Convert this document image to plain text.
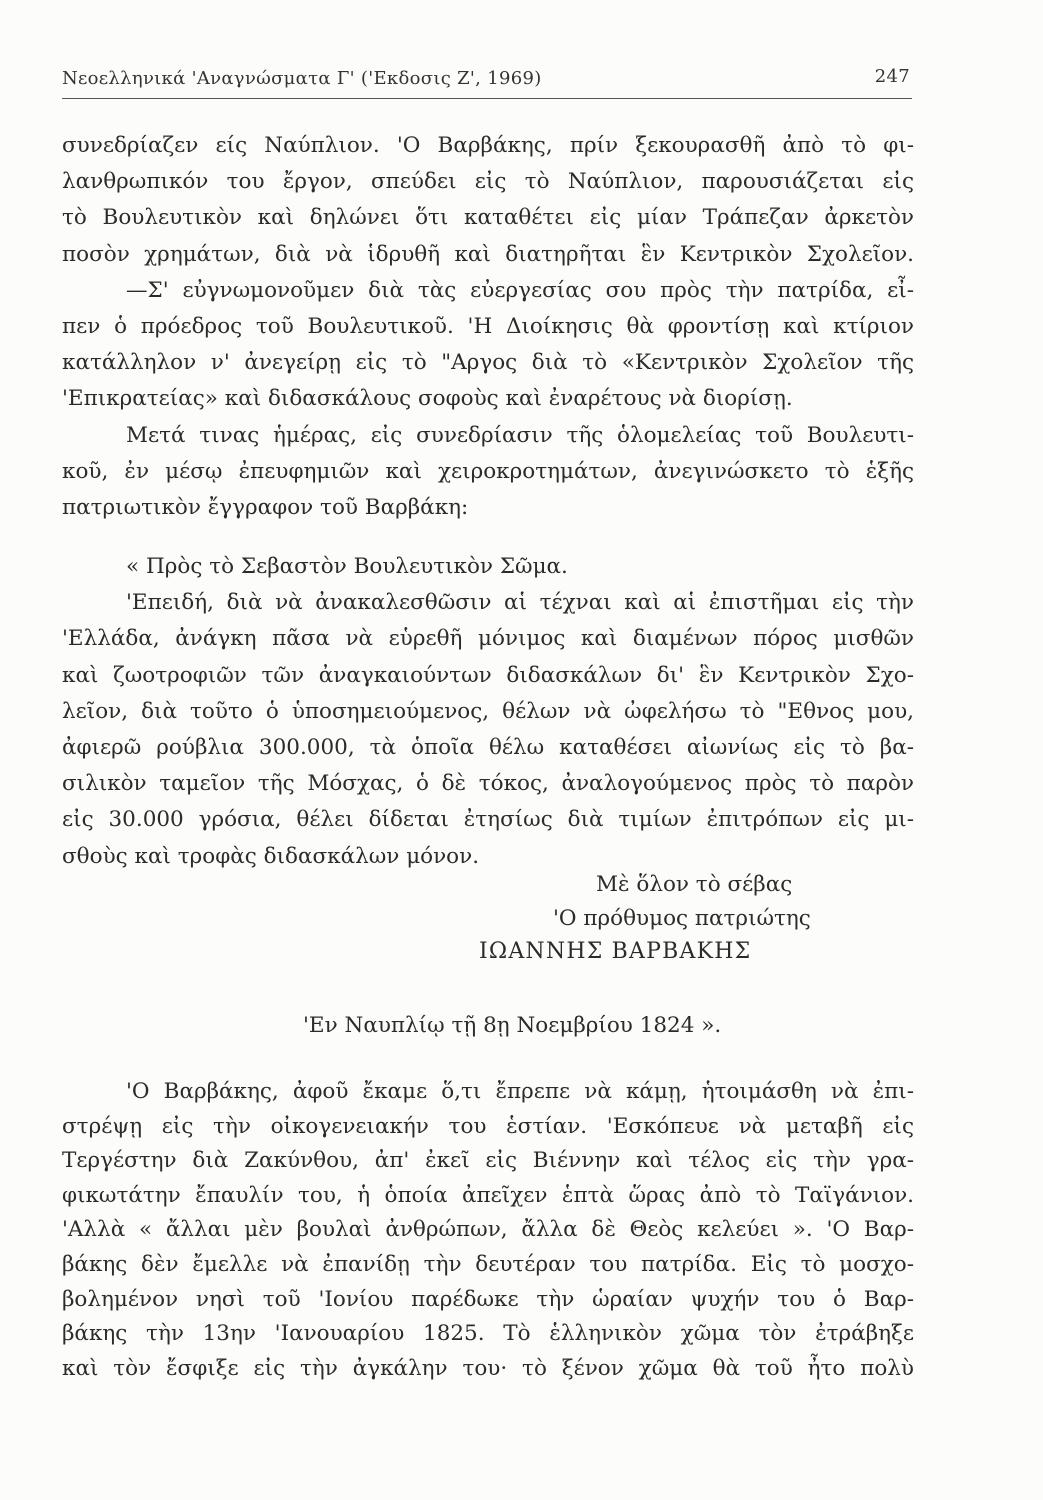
Νεοελληνικά 'Αναγνώσματα Γ' ('Εκδοσις Ζ', 1969)	247
συνεδρίαζεν είς Ναύπλιον. 'Ο Βαρβάκης, πρίν ξεκουρασθῆ ἀπὸ τὸ φι-
λανθρωπικόν του ἔργον, σπεύδει εἰς τὸ Ναύπλιον, παρουσιάζεται εἰς
τὸ Βουλευτικὸν καὶ δηλώνει ὅτι καταθέτει εἰς μίαν Τράπεζαν ἀρκετὸν
ποσὸν χρημάτων, διὰ νὰ ἱδρυθῆ καὶ διατηρῆται ἓν Κεντρικὸν Σχολεῖον.
—Σ' εὐγνωμονοῦμεν διὰ τὰς εὐεργεσίας σου πρὸς τὴν πατρίδα, εἶ-
πεν ὁ πρόεδρος τοῦ Βουλευτικοῦ. 'Η Διοίκησις θὰ φροντίσῃ καὶ κτίριον
κατάλληλον ν' ἀνεγείρῃ εἰς τὸ "Αργος διὰ τὸ «Κεντρικὸν Σχολεῖον τῆς
'Επικρατείας» καὶ διδασκάλους σοφοὺς καὶ ἐναρέτους νὰ διορίσῃ.
Μετά τινας ἡμέρας, εἰς συνεδρίασιν τῆς ὁλομελείας τοῦ Βουλευτι-
κοῦ, ἐν μέσῳ ἐπευφημιῶν καὶ χειροκροτημάτων, ἀνεγινώσκετο τὸ ἑξῆς
πατριωτικὸν ἔγγραφον τοῦ Βαρβάκη:
« Πρὸς τὸ Σεβαστὸν Βουλευτικὸν Σῶμα.
'Επειδή, διὰ νὰ ἀνακαλεσθῶσιν αἱ τέχναι καὶ αἱ ἐπιστῆμαι εἰς τὴν
'Ελλάδα, ἀνάγκη πᾶσα νὰ εὑρεθῆ μόνιμος καὶ διαμένων πόρος μισθῶν
καὶ ζωοτροφιῶν τῶν ἀναγκαιούντων διδασκάλων δι' ἓν Κεντρικὸν Σχο-
λεῖον, διὰ τοῦτο ὁ ὑποσημειούμενος, θέλων νὰ ὠφελήσω τὸ "Εθνος μου,
ἀφιερῶ ρούβλια 300.000, τὰ ὁποῖα θέλω καταθέσει αἰωνίως εἰς τὸ βα-
σιλικὸν ταμεῖον τῆς Μόσχας, ὁ δὲ τόκος, ἀναλογούμενος πρὸς τὸ παρὸν
εἰς 30.000 γρόσια, θέλει δίδεται ἐτησίως διὰ τιμίων ἐπιτρόπων εἰς μι-
σθοὺς καὶ τροφὰς διδασκάλων μόνον.
Μὲ ὅλον τὸ σέβας
'Ο πρόθυμος πατριώτης
ΙΩΑΝΝΗΣ ΒΑΡΒΑΚΗΣ
'Εν Ναυπλίῳ τῇ 8ῃ Νοεμβρίου 1824 ».
'Ο Βαρβάκης, ἀφοῦ ἔκαμε ὅ,τι ἔπρεπε νὰ κάμῃ, ἡτοιμάσθη νὰ ἐπι-
στρέψῃ εἰς τὴν οἰκογενειακήν του ἑστίαν. 'Εσκόπευε νὰ μεταβῆ εἰς
Τεργέστην διὰ Ζακύνθου, ἀπ' ἐκεῖ εἰς Βιέννην καὶ τέλος εἰς τὴν γρα-
φικωτάτην ἔπαυλίν του, ἡ ὁποία ἀπεῖχεν ἑπτὰ ὥρας ἀπὸ τὸ Ταϊγάνιον.
'Αλλὰ « ἄλλαι μὲν βουλαὶ ἀνθρώπων, ἄλλα δὲ Θεὸς κελεύει ». 'Ο Βαρ-
βάκης δὲν ἔμελλε νὰ ἐπανίδῃ τὴν δευτέραν του πατρίδα. Εἰς τὸ μοσχο-
βολημένον νησὶ τοῦ 'Ιονίου παρέδωκε τὴν ὡραίαν ψυχήν του ὁ Βαρ-
βάκης τὴν 13ην 'Ιανουαρίου 1825. Τὸ ἑλληνικὸν χῶμα τὸν ἐτράβηξε
καὶ τὸν ἔσφιξε εἰς τὴν ἀγκάλην του· τὸ ξένον χῶμα θὰ τοῦ ἦτο πολὺ
